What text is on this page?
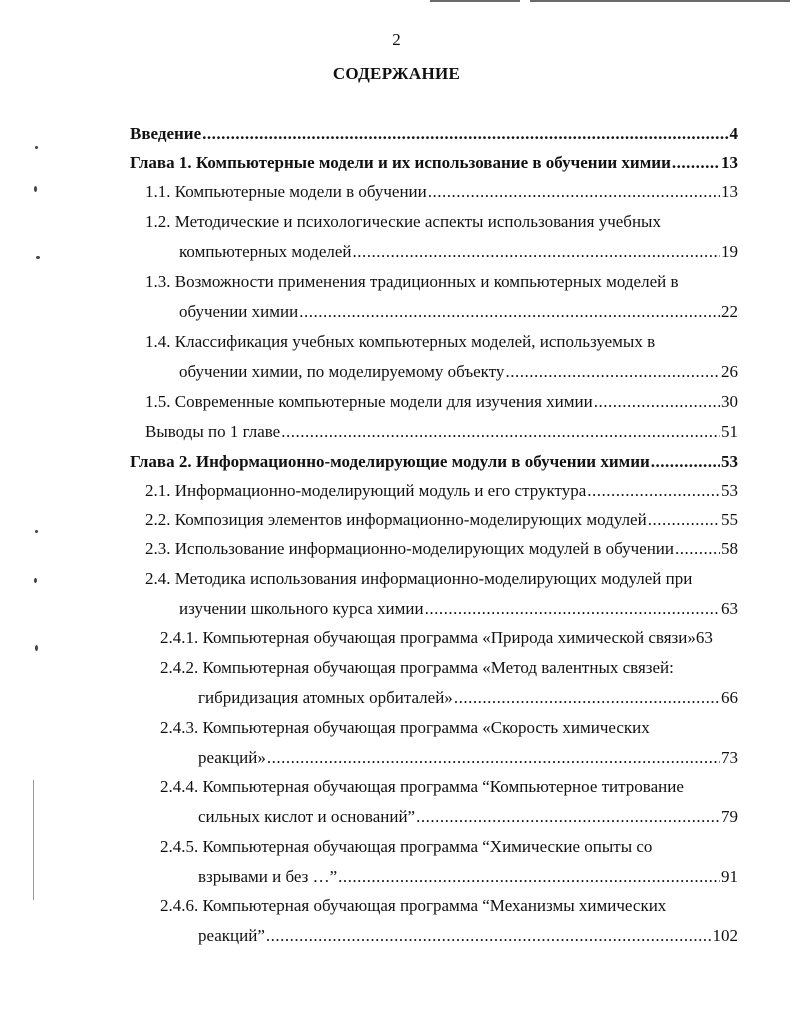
2
СОДЕРЖАНИЕ
Введение .....	4
Глава 1. Компьютерные модели и их использование в обучении химии .....	13
1.1. Компьютерные модели в обучении .....	13
1.2. Методические и психологические аспекты использования учебных
компьютерных моделей .....	19
1.3. Возможности применения традиционных и компьютерных моделей в
обучении химии .....	22
1.4. Классификация учебных компьютерных моделей, используемых в
обучении химии, по моделируемому объекту .....	26
1.5. Современные компьютерные модели для изучения химии .....	30
Выводы по 1 главе .....	51
Глава 2. Информационно-моделирующие модули в обучении химии .....	53
2.1. Информационно-моделирующий модуль и его структура .....	53
2.2. Композиция элементов информационно-моделирующих модулей .....	55
2.3. Использование информационно-моделирующих модулей в обучении .....	58
2.4. Методика использования информационно-моделирующих модулей при
изучении школьного курса химии .....	63
2.4.1. Компьютерная обучающая программа «Природа химической связи» 63
2.4.2. Компьютерная обучающая программа «Метод валентных связей:
гибридизация атомных орбиталей» .....	66
2.4.3. Компьютерная обучающая программа «Скорость химических
реакций» .....	73
2.4.4. Компьютерная обучающая программа “Компьютерное титрование
сильных кислот и оснований” .....	79
2.4.5. Компьютерная обучающая программа “Химические опыты со
взрывами и без …” .....	91
2.4.6. Компьютерная обучающая программа “Механизмы химических
реакций” .....	102
